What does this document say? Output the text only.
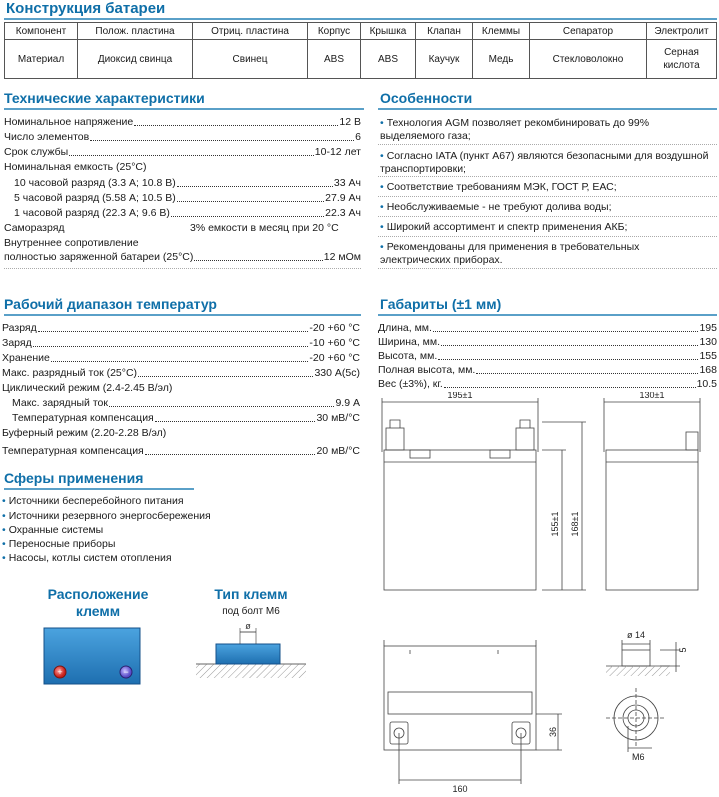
Конструкция батареи
Компонент	Полож. пластина	Отриц. пластина	Корпус	Крышка	Клапан	Клеммы	Сепаратор	Электролит
Материал	Диоксид свинца	Свинец	ABS	ABS	Каучук	Медь	Стекловолокно	Серная кислота
Технические характеристики
Номинальное напряжение	12 В
Число элементов	6
Срок службы	10-12 лет
Номинальная емкость (25°С)
10 часовой разряд (3.3 А; 10.8 В)	33 Ач
5 часовой разряд (5.58 А; 10.5 В)	27.9 Ач
1 часовой разряд (22.3 А; 9.6 В)	22.3 Ач
Саморазряд	3% емкости в месяц при 20 °С
Внутреннее сопротивление
полностью заряженной батареи (25°С)	12 мОм
Особенности
• Технология AGM позволяет рекомбинировать до 99% выделяемого газа;
• Согласно IATA (пункт А67) являются безопасными для воздушной транспортировки;
• Соответствие требованиям МЭК, ГОСТ Р, ЕАС;
• Необслуживаемые - не требуют долива воды;
• Широкий ассортимент и спектр применения АКБ;
• Рекомендованы для применения в требовательных электрических приборах.
Рабочий диапазон температур
Разряд	-20 +60 °С
Заряд	-10 +60 °С
Хранение	-20 +60 °С
Макс. разрядный ток (25°С)	330 А(5с)
Циклический режим (2.4-2.45 В/эл)
Макс. зарядный ток	9.9 А
Температурная компенсация	30 мВ/°С
Буферный режим (2.20-2.28 В/эл)
Температурная компенсация	20 мВ/°С
Габариты (±1 мм)
Длина, мм.	195
Ширина, мм.	130
Высота, мм.	155
Полная высота, мм.	168
Вес (±3%), кг.	10.5
Сферы применения
• Источники бесперебойного питания
• Источники резервного энергосбережения
• Охранные системы
• Переносные приборы
• Насосы, котлы систем отопления
Расположение
клемм
+	−
Тип клемм
под болт М6
ø
195±1	130±1
155±1 168±1
160
36
ø 14
5
М6
